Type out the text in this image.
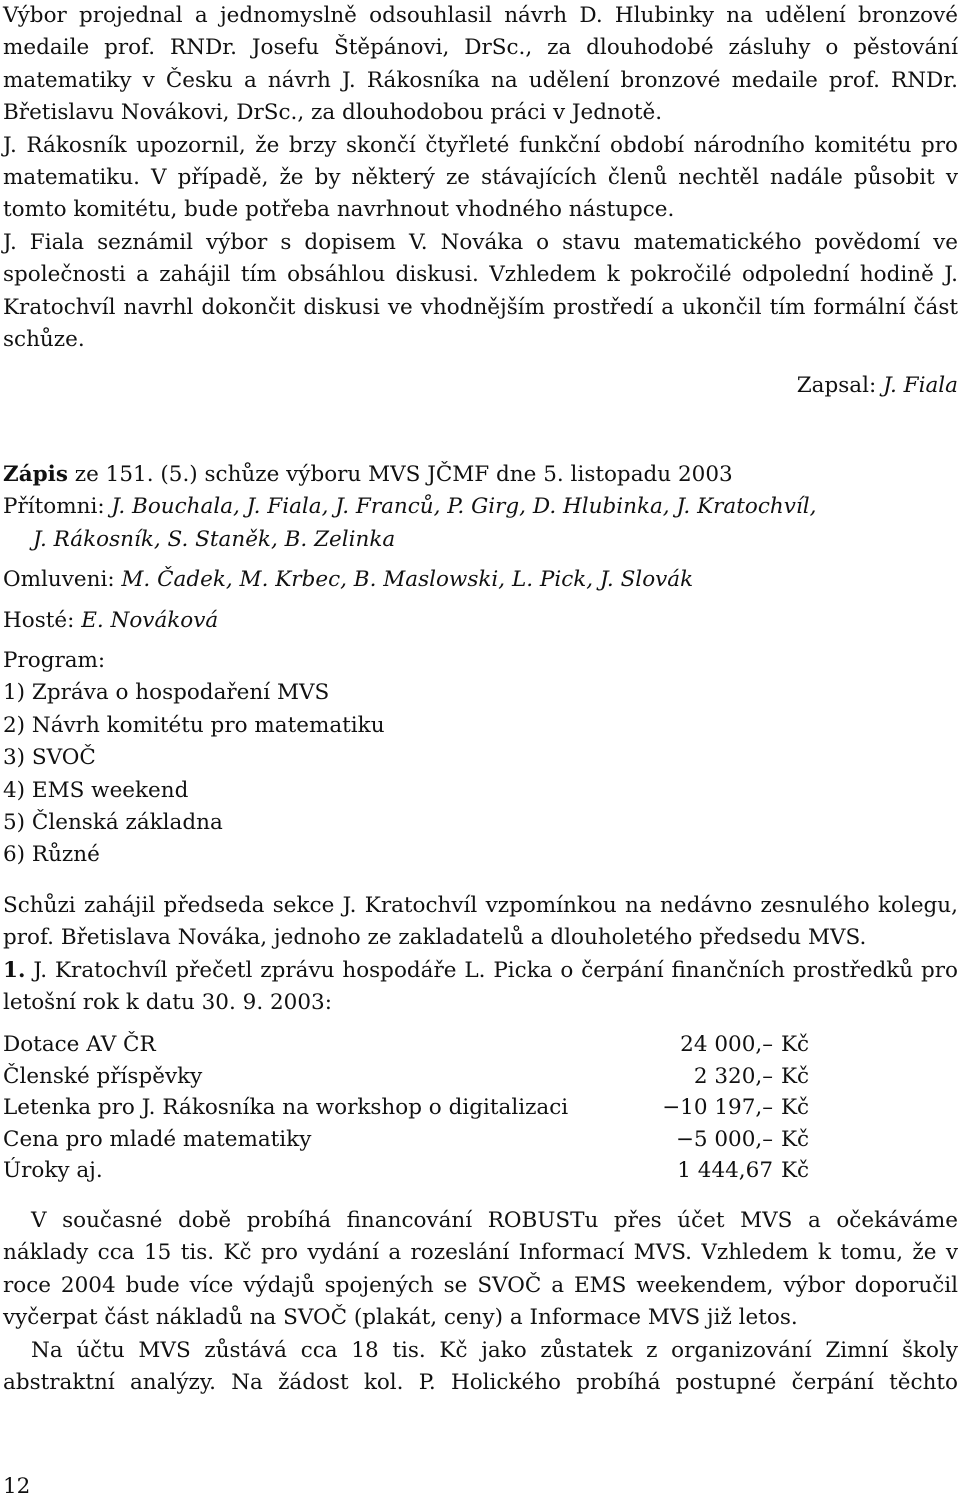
Výbor projednal a jednomyslně odsouhlasil návrh D. Hlubinky na udělení bronzové medaile prof. RNDr. Josefu Štěpánovi, DrSc., za dlouhodobé zásluhy o pěstování matematiky v Česku a návrh J. Rákosníka na udělení bronzové medaile prof. RNDr. Břetislavu Novákovi, DrSc., za dlouhodobou práci v Jednotě.

J. Rákosník upozornil, že brzy skončí čtyřleté funkční období národního komitétu pro matematiku. V případě, že by některý ze stávajících členů nechtěl nadále působit v tomto komitétu, bude potřeba navrhnout vhodného nástupce.

J. Fiala seznámil výbor s dopisem V. Nováka o stavu matematického povědomí ve společnosti a zahájil tím obsáhlou diskusi. Vzhledem k pokročilé odpolední hodině J. Kratochvíl navrhl dokončit diskusi ve vhodnějším prostředí a ukončil tím formální část schůze.

Zapsal: J. Fiala
Zápis ze 151. (5.) schůze výboru MVS JČMF dne 5. listopadu 2003

Přítomni: J. Bouchala, J. Fiala, J. Franců, P. Girg, D. Hlubinka, J. Kratochvíl,

J. Rákosník, S. Staněk, B. Zelinka

Omluveni: M. Čadek, M. Krbec, B. Maslowski, L. Pick, J. Slovák

Hosté: E. Nováková

Program:

1) Zpráva o hospodaření MVS
2) Návrh komitétu pro matematiku
3) SVOČ
4) EMS weekend
5) Členská základna
6) Různé

Schůzi zahájil předseda sekce J. Kratochvíl vzpomínkou na nedávno zesnulého kolegu, prof. Břetislava Nováka, jednoho ze zakladatelů a dlouholetého předsedu MVS.

1. J. Kratochvíl přečetl zprávu hospodáře L. Picka o čerpání finančních prostředků pro letošní rok k datu 30. 9. 2003:

Dotace AV ČR	24 000,–	Kč
Členské příspěvky	2 320,–	Kč
Letenka pro J. Rákosníka na workshop o digitalizaci	−10 197,–	Kč
Cena pro mladé matematiky	−5 000,–	Kč
Úroky aj.	1 444,67	Kč

V současné době probíhá financování ROBUSTu přes účet MVS a očekáváme náklady cca 15 tis. Kč pro vydání a rozeslání Informací MVS. Vzhledem k tomu, že v roce 2004 bude více výdajů spojených se SVOČ a EMS weekendem, výbor doporučil vyčerpat část nákladů na SVOČ (plakát, ceny) a Informace MVS již letos.

Na účtu MVS zůstává cca 18 tis. Kč jako zůstatek z organizování Zimní školy abstraktní analýzy. Na žádost kol. P. Holického probíhá postupné čerpání těchto

12
